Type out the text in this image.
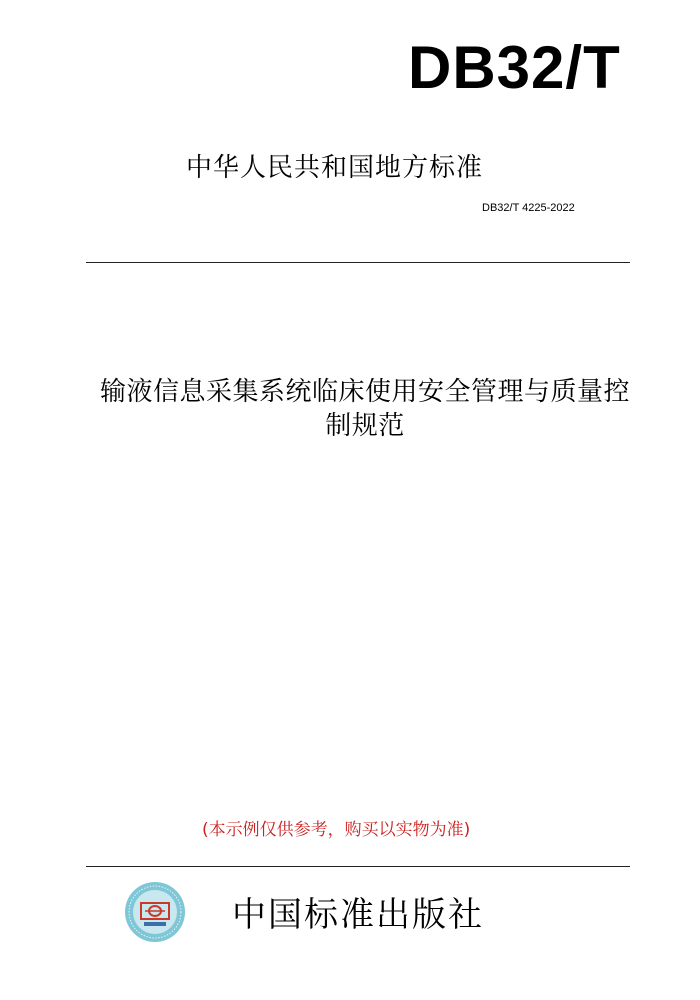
DB32/T
中华人民共和国地方标准
DB32/T 4225-2022
输液信息采集系统临床使用安全管理与质量控
制规范
(本示例仅供参考，购买以实物为准)
中国标准出版社
